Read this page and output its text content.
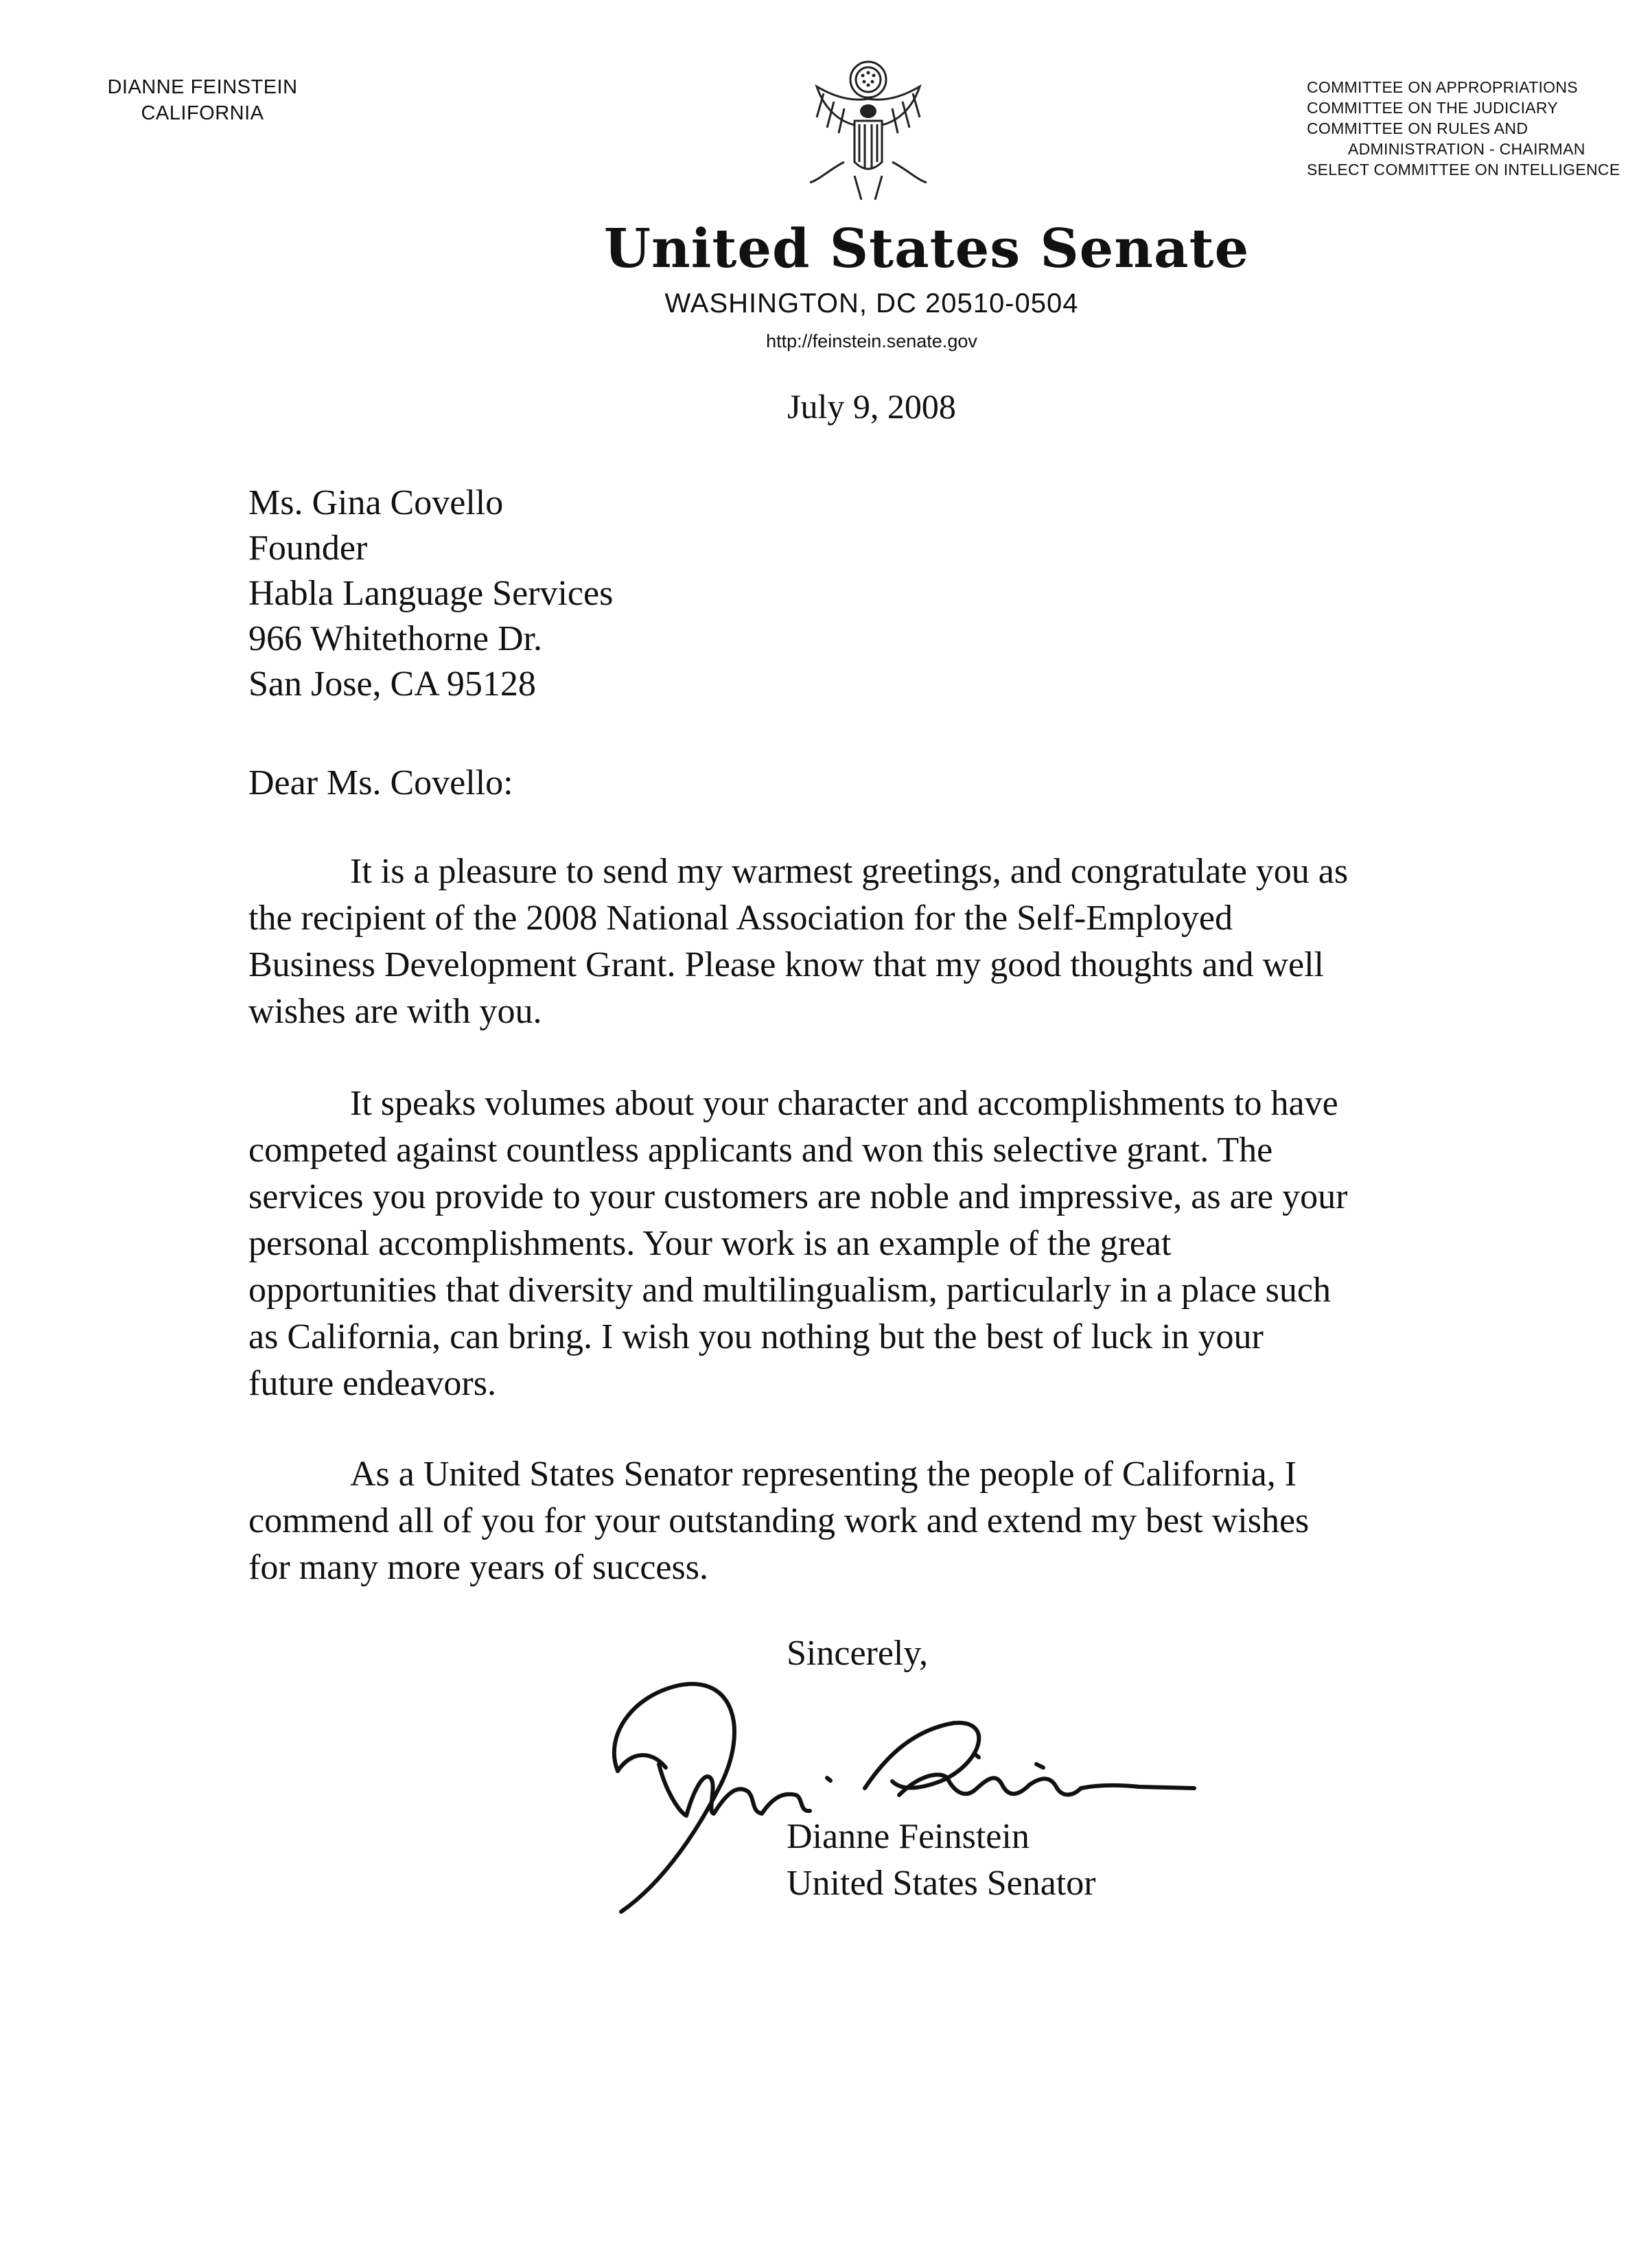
DIANNE FEINSTEIN
CALIFORNIA
COMMITTEE ON APPROPRIATIONS
COMMITTEE ON THE JUDICIARY
COMMITTEE ON RULES AND
ADMINISTRATION - CHAIRMAN
SELECT COMMITTEE ON INTELLIGENCE
United States Senate
WASHINGTON, DC 20510-0504
http://feinstein.senate.gov
July 9, 2008
Ms. Gina Covello
Founder
Habla Language Services
966 Whitethorne Dr.
San Jose, CA 95128
Dear Ms. Covello:
It is a pleasure to send my warmest greetings, and congratulate you as
the recipient of the 2008 National Association for the Self-Employed
Business Development Grant. Please know that my good thoughts and well
wishes are with you.
It speaks volumes about your character and accomplishments to have
competed against countless applicants and won this selective grant. The
services you provide to your customers are noble and impressive, as are your
personal accomplishments. Your work is an example of the great
opportunities that diversity and multilingualism, particularly in a place such
as California, can bring. I wish you nothing but the best of luck in your
future endeavors.
As a United States Senator representing the people of California, I
commend all of you for your outstanding work and extend my best wishes
for many more years of success.
Sincerely,
Dianne Feinstein
United States Senator
